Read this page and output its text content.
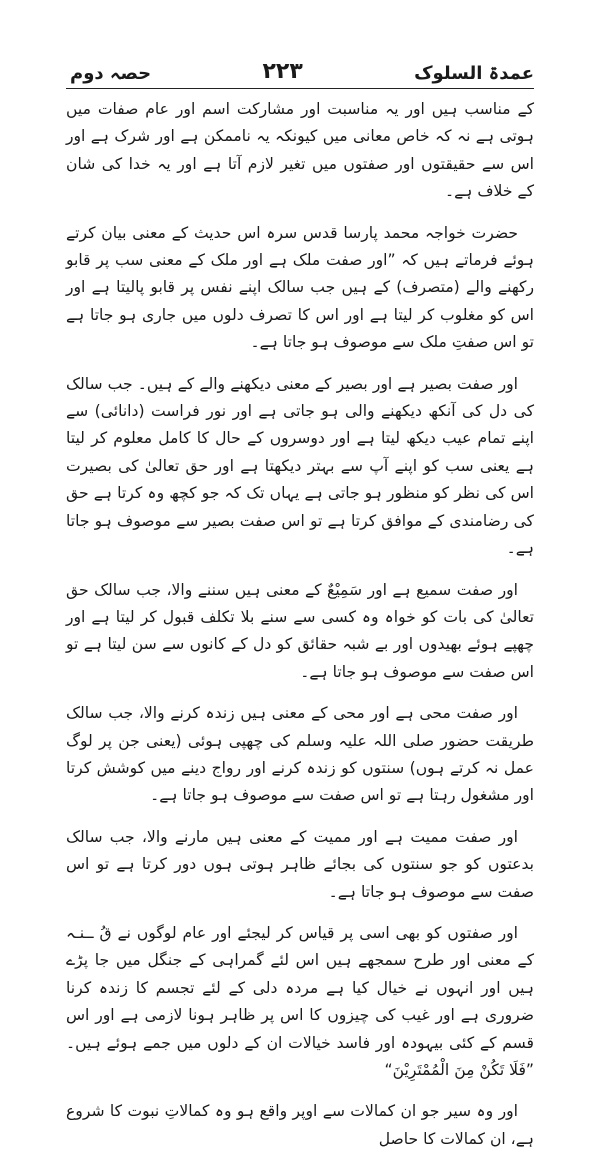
عمدۃ السلوک
۲۲۳
حصہ دوم

کے مناسب ہیں اور یہ مناسبت اور مشارکت اسم اور عام صفات میں ہوتی ہے نہ کہ خاص معانی میں کیونکہ یہ ناممکن ہے اور شرک ہے اور اس سے حقیقتوں اور صفتوں میں تغیر لازم آتا ہے اور یہ خدا کی شان کے خلاف ہے۔

حضرت خواجہ محمد پارسا قدس سرہ اس حدیث کے معنی بیان کرتے ہوئے فرماتے ہیں کہ ”اور صفت ملک ہے اور ملک کے معنی سب پر قابو رکھنے والے (متصرف) کے ہیں جب سالک اپنے نفس پر قابو پالیتا ہے اور اس کو مغلوب کر لیتا ہے اور اس کا تصرف دلوں میں جاری ہو جاتا ہے تو اس صفتِ ملک سے موصوف ہو جاتا ہے۔

اور صفت بصیر ہے اور بصیر کے معنی دیکھنے والے کے ہیں۔ جب سالک کی دل کی آنکھ دیکھنے والی ہو جاتی ہے اور نور فراست (دانائی) سے اپنے تمام عیب دیکھ لیتا ہے اور دوسروں کے حال کا کامل معلوم کر لیتا ہے یعنی سب کو اپنے آپ سے بہتر دیکھتا ہے اور حق تعالیٰ کی بصیرت اس کی نظر کو منظور ہو جاتی ہے یہاں تک کہ جو کچھ وہ کرتا ہے حق کی رضامندی کے موافق کرتا ہے تو اس صفت بصیر سے موصوف ہو جاتا ہے۔

اور صفت سمیع ہے اور سَمِیْعٌ کے معنی ہیں سننے والا، جب سالک حق تعالیٰ کی بات کو خواہ وہ کسی سے سنے بلا تکلف قبول کر لیتا ہے اور چھپے ہوئے بھیدوں اور بے شبہ حقائق کو دل کے کانوں سے سن لیتا ہے تو اس صفت سے موصوف ہو جاتا ہے۔

اور صفت محی ہے اور محی کے معنی ہیں زندہ کرنے والا، جب سالک طریقت حضور صلی اللہ علیہ وسلم کی چھپی ہوئی (یعنی جن پر لوگ عمل نہ کرتے ہوں) سنتوں کو زندہ کرنے اور رواج دینے میں کوشش کرتا اور مشغول رہتا ہے تو اس صفت سے موصوف ہو جاتا ہے۔

اور صفت ممیت ہے اور ممیت کے معنی ہیں مارنے والا، جب سالک بدعتوں کو جو سنتوں کی بجائے ظاہر ہوتی ہوں دور کرتا ہے تو اس صفت سے موصوف ہو جاتا ہے۔

اور صفتوں کو بھی اسی پر قیاس کر لیجئے اور عام لوگوں نے قُ ــنـہ کے معنی اور طرح سمجھے ہیں اس لئے گمراہی کے جنگل میں جا پڑے ہیں اور انہوں نے خیال کیا ہے مردہ دلی کے لئے تجسم کا زندہ کرنا ضروری ہے اور غیب کی چیزوں کا اس پر ظاہر ہونا لازمی ہے اور اس قسم کے کئی بیہودہ اور فاسد خیالات ان کے دلوں میں جمے ہوئے ہیں۔ ”فَلَا تَكُنْ مِنَ الْمُمْتَرِيْنَ“

اور وہ سیر جو ان کمالات سے اوپر واقع ہو وہ کمالاتِ نبوت کا شروع ہے، ان کمالات کا حاصل
